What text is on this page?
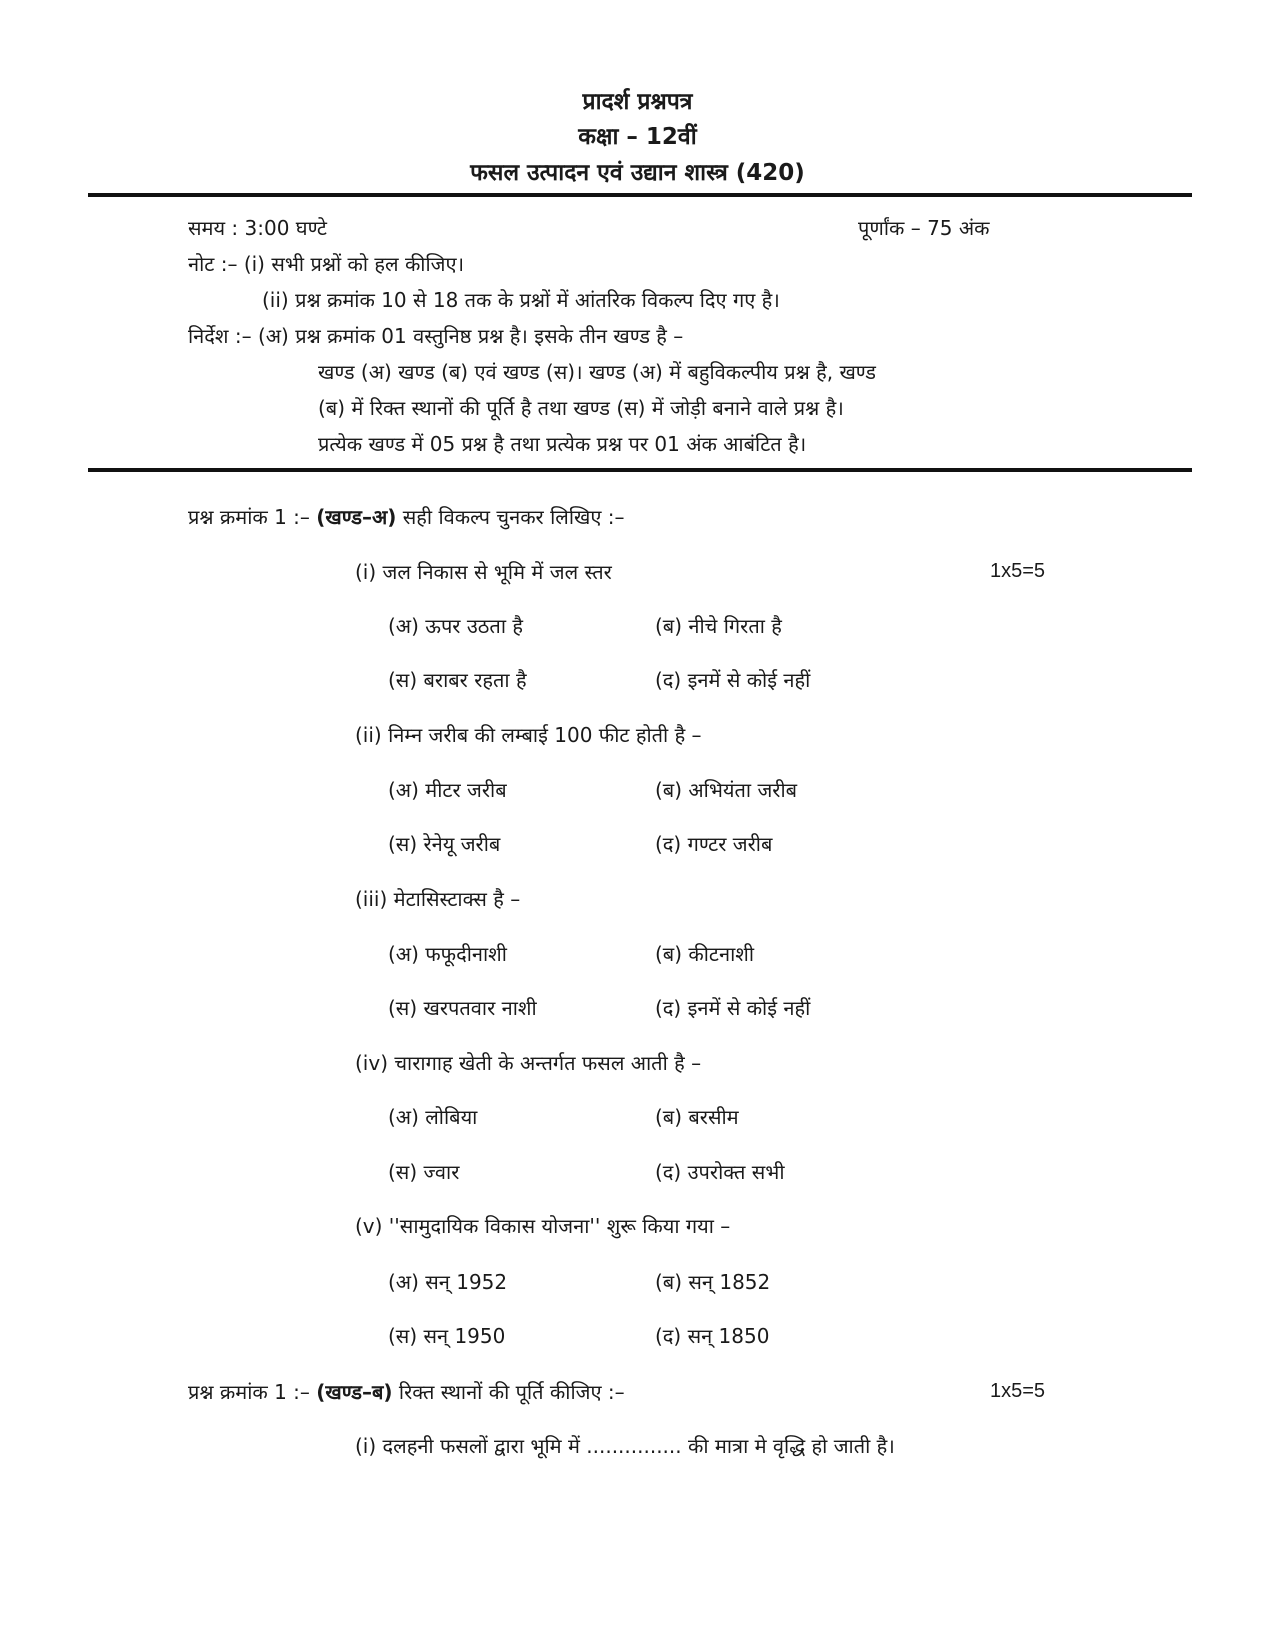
प्रादर्श प्रश्नपत्र
कक्षा – 12वीं
फसल उत्पादन एवं उद्यान शास्त्र (420)
समय : 3:00 घण्टे	पूर्णांक – 75 अंक
नोट :– (i) सभी प्रश्नों को हल कीजिए।
(ii) प्रश्न क्रमांक 10 से 18 तक के प्रश्नों में आंतरिक विकल्प दिए गए है।
निर्देश :– (अ) प्रश्न क्रमांक 01 वस्तुनिष्ठ प्रश्न है। इसके तीन खण्ड है –
खण्ड (अ) खण्ड (ब) एवं खण्ड (स)। खण्ड (अ) में बहुविकल्पीय प्रश्न है, खण्ड
(ब) में रिक्त स्थानों की पूर्ति है तथा खण्ड (स) में जोड़ी बनाने वाले प्रश्न है।
प्रत्येक खण्ड में 05 प्रश्न है तथा प्रत्येक प्रश्न पर 01 अंक आबंटित है।
प्रश्न क्रमांक 1 :– (खण्ड–अ) सही विकल्प चुनकर लिखिए :–
(i) जल निकास से भूमि में जल स्तर	1x5=5
(अ) ऊपर उठता है	(ब) नीचे गिरता है
(स) बराबर रहता है	(द) इनमें से कोई नहीं
(ii) निम्न जरीब की लम्बाई 100 फीट होती है –
(अ) मीटर जरीब	(ब) अभियंता जरीब
(स) रेनेयू जरीब	(द) गण्टर जरीब
(iii) मेटासिस्टाक्स है –
(अ) फफूदीनाशी	(ब) कीटनाशी
(स) खरपतवार नाशी	(द) इनमें से कोई नहीं
(iv) चारागाह खेती के अन्तर्गत फसल आती है –
(अ) लोबिया	(ब) बरसीम
(स) ज्वार	(द) उपरोक्त सभी
(v) ''सामुदायिक विकास योजना'' शुरू किया गया –
(अ) सन् 1952	(ब) सन् 1852
(स) सन् 1950	(द) सन् 1850
प्रश्न क्रमांक 1 :– (खण्ड–ब) रिक्त स्थानों की पूर्ति कीजिए :–	1x5=5
(i) दलहनी फसलों द्वारा भूमि में ............... की मात्रा मे वृद्धि हो जाती है।
